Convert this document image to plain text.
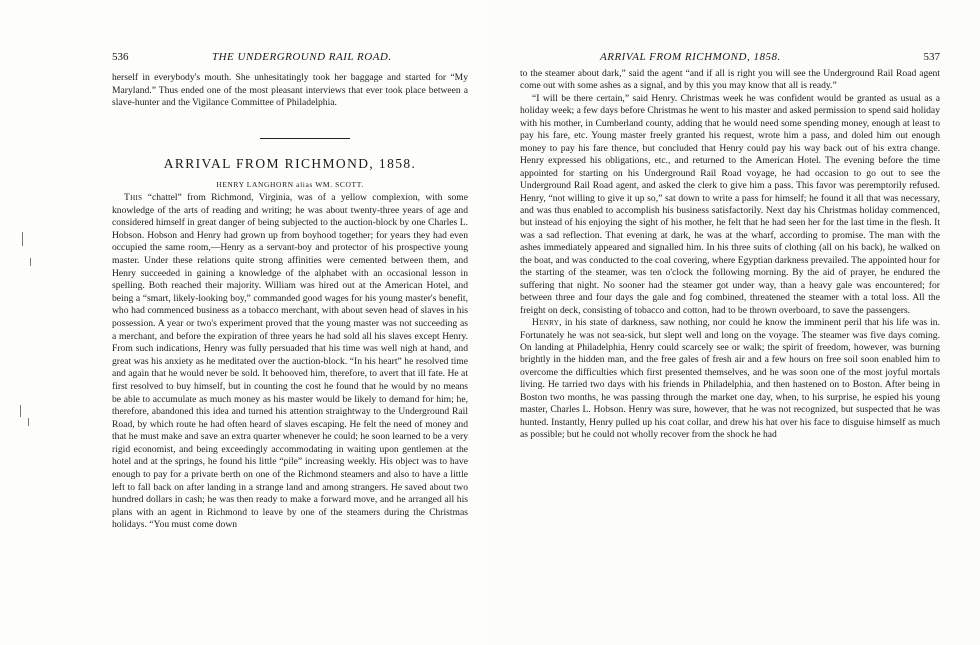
536	THE UNDERGROUND RAIL ROAD.

herself in everybody's mouth. She unhesitatingly took her baggage and started for “My Maryland.” Thus ended one of the most pleasant interviews that ever took place between a slave-hunter and the Vigilance Committee of Philadelphia.

ARRIVAL FROM RICHMOND, 1858.
HENRY LANGHORN alias WM. SCOTT.

This “chattel” from Richmond, Virginia, was of a yellow complexion, with some knowledge of the arts of reading and writing; he was about twenty-three years of age and considered himself in great danger of being subjected to the auction-block by one Charles L. Hobson. Hobson and Henry had grown up from boyhood together; for years they had even occupied the same room,—Henry as a servant-boy and protector of his prospective young master. Under these relations quite strong affinities were cemented between them, and Henry succeeded in gaining a knowledge of the alphabet with an occasional lesson in spelling. Both reached their majority. William was hired out at the American Hotel, and being a “smart, likely-looking boy,” commanded good wages for his young master's benefit, who had commenced business as a tobacco merchant, with about seven head of slaves in his possession. A year or two's experiment proved that the young master was not succeeding as a merchant, and before the expiration of three years he had sold all his slaves except Henry. From such indications, Henry was fully persuaded that his time was well nigh at hand, and great was his anxiety as he meditated over the auction-block. “In his heart” he resolved time and again that he would never be sold. It behooved him, therefore, to avert that ill fate. He at first resolved to buy himself, but in counting the cost he found that he would by no means be able to accumulate as much money as his master would be likely to demand for him; he, therefore, abandoned this idea and turned his attention straightway to the Underground Rail Road, by which route he had often heard of slaves escaping. He felt the need of money and that he must make and save an extra quarter whenever he could; he soon learned to be a very rigid economist, and being exceedingly accommodating in waiting upon gentlemen at the hotel and at the springs, he found his little “pile” increasing weekly. His object was to have enough to pay for a private berth on one of the Richmond steamers and also to have a little left to fall back on after landing in a strange land and among strangers. He saved about two hundred dollars in cash; he was then ready to make a forward move, and he arranged all his plans with an agent in Richmond to leave by one of the steamers during the Christmas holidays. “You must come down

ARRIVAL FROM RICHMOND, 1858.	537

to the steamer about dark,” said the agent “and if all is right you will see the Underground Rail Road agent come out with some ashes as a signal, and by this you may know that all is ready.”

“I will be there certain,” said Henry. Christmas week he was confident would be granted as usual as a holiday week; a few days before Christmas he went to his master and asked permission to spend said holiday with his mother, in Cumberland county, adding that he would need some spending money, enough at least to pay his fare, etc. Young master freely granted his request, wrote him a pass, and doled him out enough money to pay his fare thence, but concluded that Henry could pay his way back out of his extra change. Henry expressed his obligations, etc., and returned to the American Hotel. The evening before the time appointed for starting on his Underground Rail Road voyage, he had occasion to go out to see the Underground Rail Road agent, and asked the clerk to give him a pass. This favor was peremptorily refused. Henry, “not willing to give it up so,” sat down to write a pass for himself; he found it all that was necessary, and was thus enabled to accomplish his business satisfactorily. Next day his Christmas holiday commenced, but instead of his enjoying the sight of his mother, he felt that he had seen her for the last time in the flesh. It was a sad reflection. That evening at dark, he was at the wharf, according to promise. The man with the ashes immediately appeared and signalled him. In his three suits of clothing (all on his back), he walked on the boat, and was conducted to the coal covering, where Egyptian darkness prevailed. The appointed hour for the starting of the steamer, was ten o'clock the following morning. By the aid of prayer, he endured the suffering that night. No sooner had the steamer got under way, than a heavy gale was encountered; for between three and four days the gale and fog combined, threatened the steamer with a total loss. All the freight on deck, consisting of tobacco and cotton, had to be thrown overboard, to save the passengers.

Henry, in his state of darkness, saw nothing, nor could he know the imminent peril that his life was in. Fortunately he was not sea-sick, but slept well and long on the voyage. The steamer was five days coming. On landing at Philadelphia, Henry could scarcely see or walk; the spirit of freedom, however, was burning brightly in the hidden man, and the free gales of fresh air and a few hours on free soil soon enabled him to overcome the difficulties which first presented themselves, and he was soon one of the most joyful mortals living. He tarried two days with his friends in Philadelphia, and then hastened on to Boston. After being in Boston two months, he was passing through the market one day, when, to his surprise, he espied his young master, Charles L. Hobson. Henry was sure, however, that he was not recognized, but suspected that he was hunted. Instantly, Henry pulled up his coat collar, and drew his hat over his face to disguise himself as much as possible; but he could not wholly recover from the shock he had
